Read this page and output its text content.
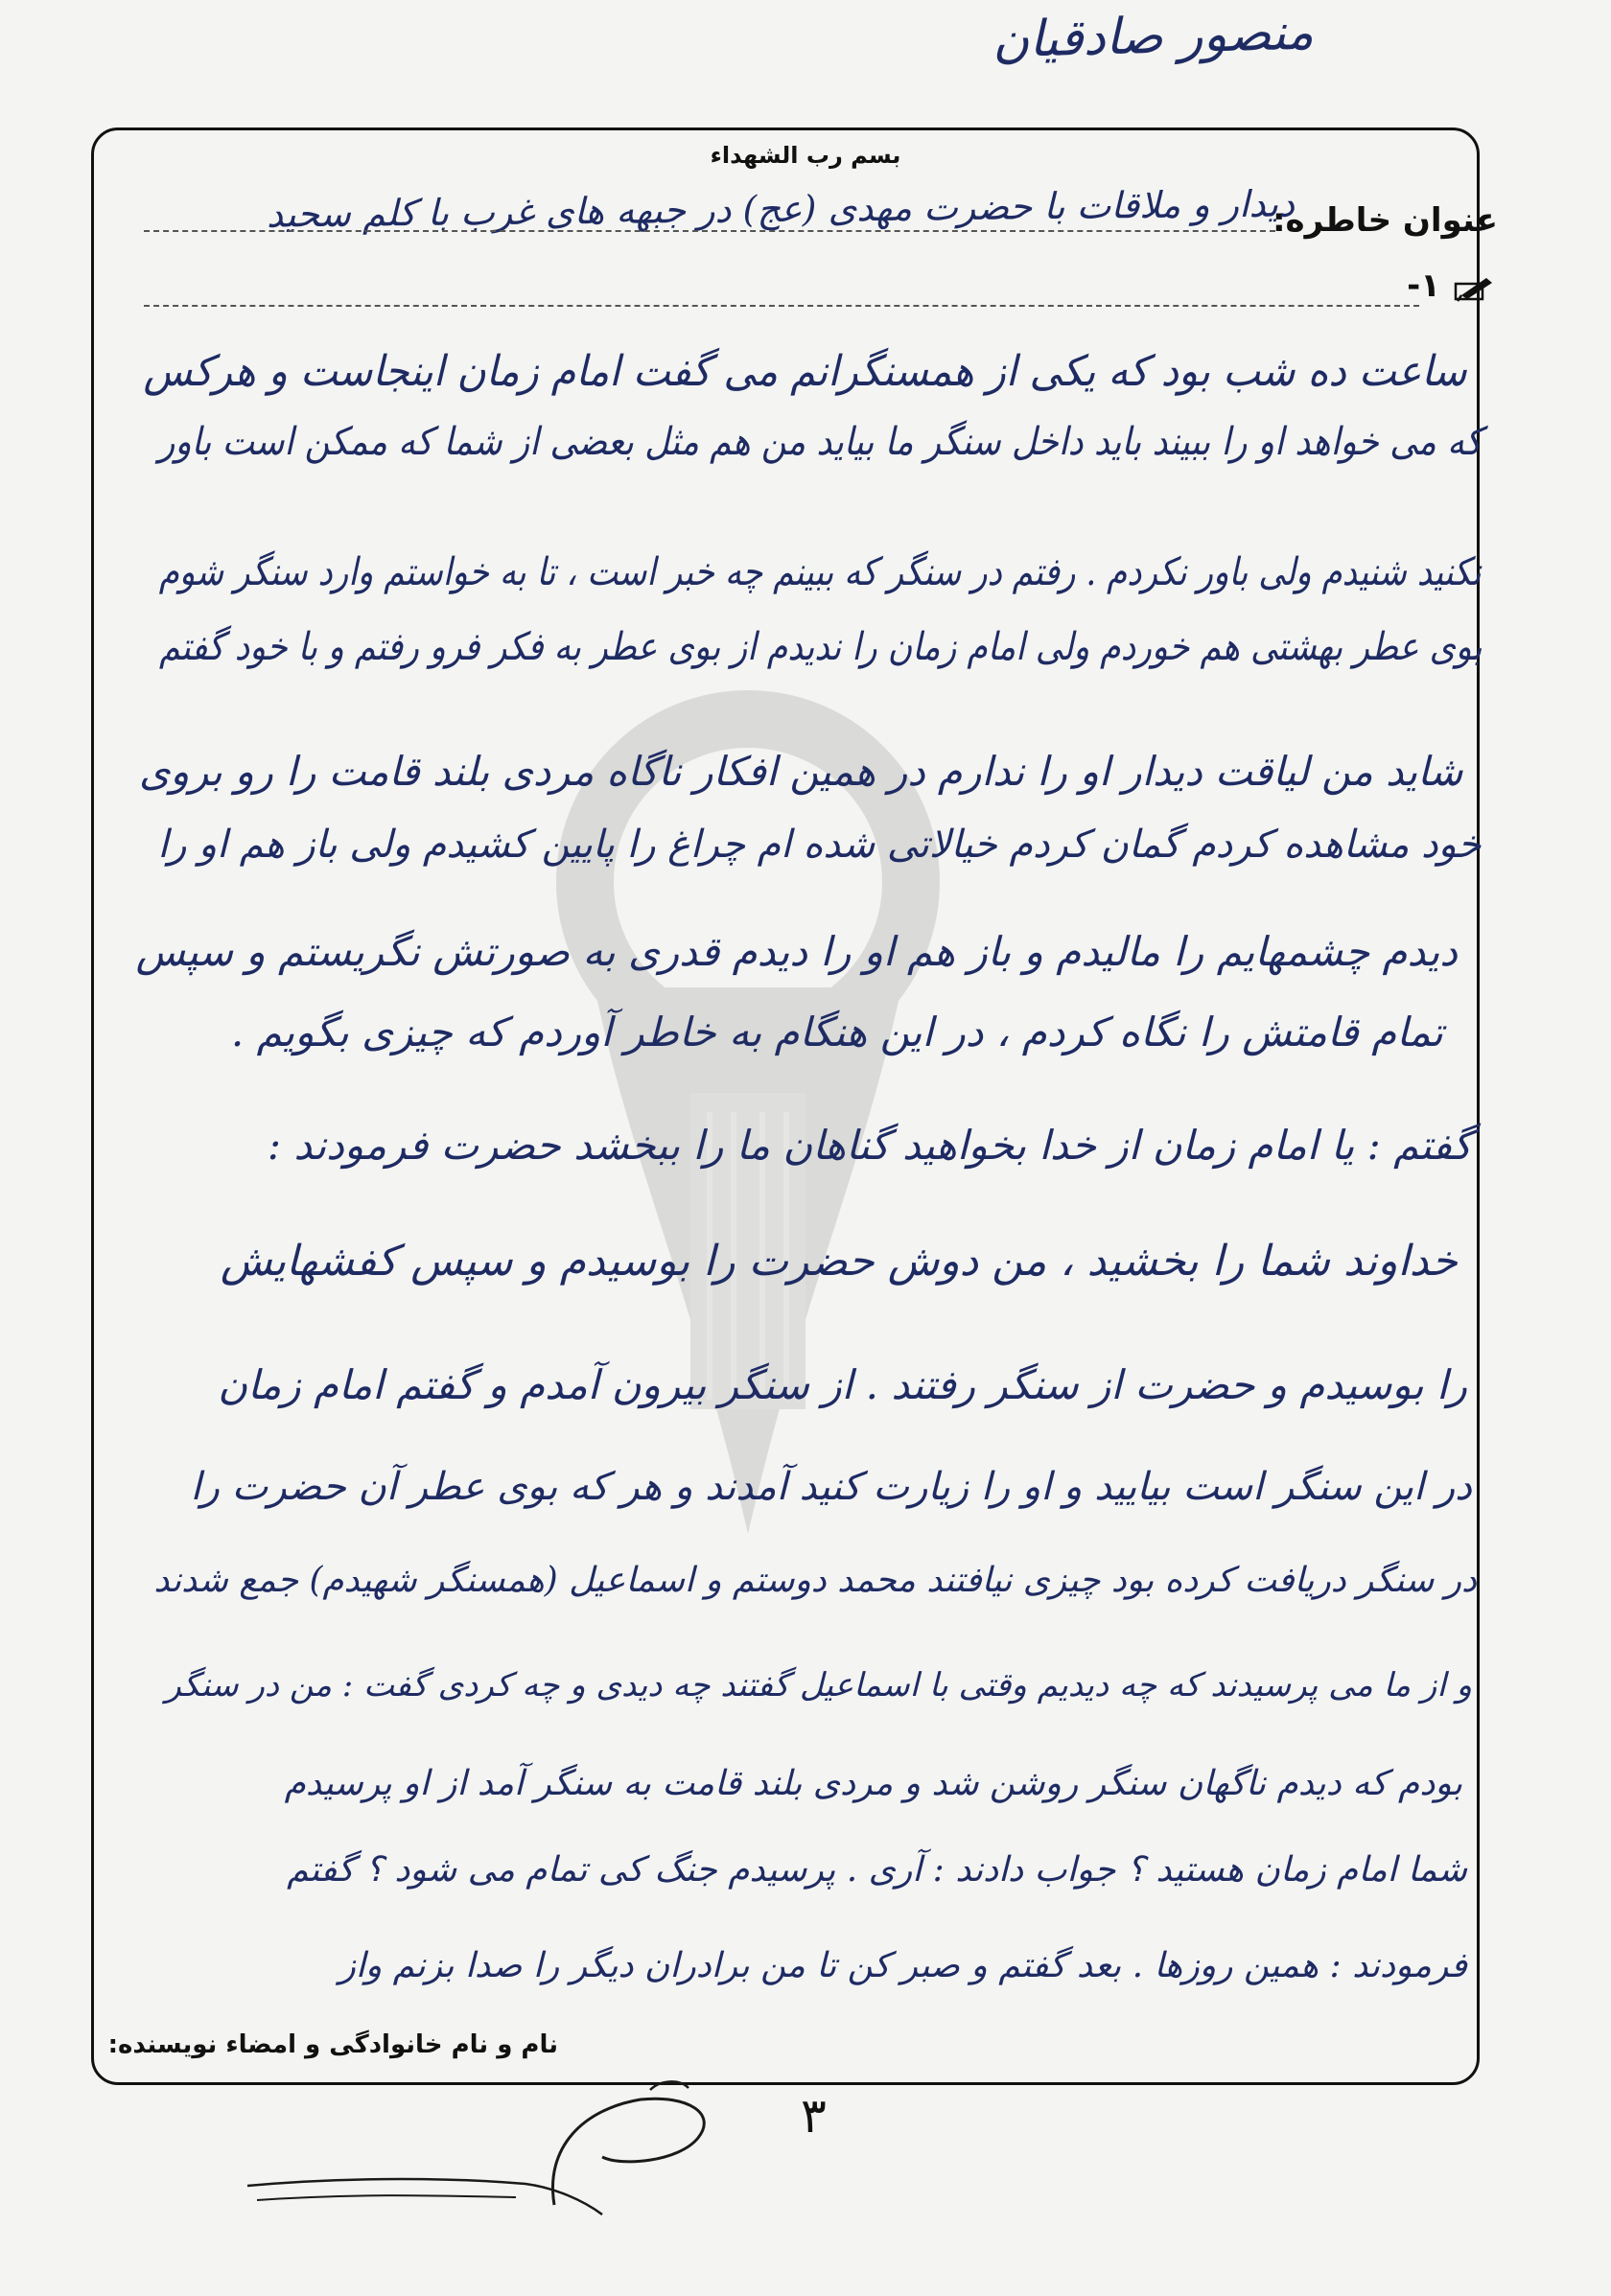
منصور صادقیان
بسم رب الشهداء
عنوان خاطره:
دیدار و ملاقات با حضرت مهدی (عج) در جبهه های غرب با کلم سحید
۱-
ساعت ده شب بود که یکی از همسنگرانم می گفت امام زمان اینجاست و هرکس
که می خواهد او را ببیند باید داخل سنگر ما بیاید من هم مثل بعضی از شما که ممکن است باور
نکنید شنیدم ولی باور نکردم . رفتم در سنگر که ببینم چه خبر است ، تا به خواستم وارد سنگر شوم
بوی عطر بهشتی هم خوردم ولی امام زمان را ندیدم از بوی عطر به فکر فرو رفتم و با خود گفتم
شاید من لیاقت دیدار او را ندارم در همین افکار ناگاه مردی بلند قامت را رو بروی
خود مشاهده کردم گمان کردم خیالاتی شده ام چراغ را پایین کشیدم ولی باز هم او را
دیدم چشمهایم را مالیدم و باز هم او را دیدم قدری به صورتش نگریستم و سپس
تمام قامتش را نگاه کردم ، در این هنگام به خاطر آوردم که چیزی بگویم .
گفتم : یا امام زمان از خدا بخواهید گناهان ما را ببخشد حضرت فرمودند :
خداوند شما را بخشید ، من دوش حضرت را بوسیدم و سپس کفشهایش
را بوسیدم و حضرت از سنگر رفتند . از سنگر بیرون آمدم و گفتم امام زمان
در این سنگر است بیایید و او را زیارت کنید آمدند و هر که بوی عطر آن حضرت را
در سنگر دریافت کرده بود چیزی نیافتند محمد دوستم و اسماعیل (همسنگر شهیدم) جمع شدند
و از ما می پرسیدند که چه دیدیم وقتی با اسماعیل گفتند چه دیدی و چه کردی گفت : من در سنگر
بودم که دیدم ناگهان سنگر روشن شد و مردی بلند قامت به سنگر آمد از او پرسیدم
شما امام زمان هستید ؟ جواب دادند : آری . پرسیدم جنگ کی تمام می شود ؟ گفتم
فرمودند : همین روزها . بعد گفتم و صبر کن تا من برادران دیگر را صدا بزنم واز
نام و نام خانوادگی و امضاء نویسنده:
۳
